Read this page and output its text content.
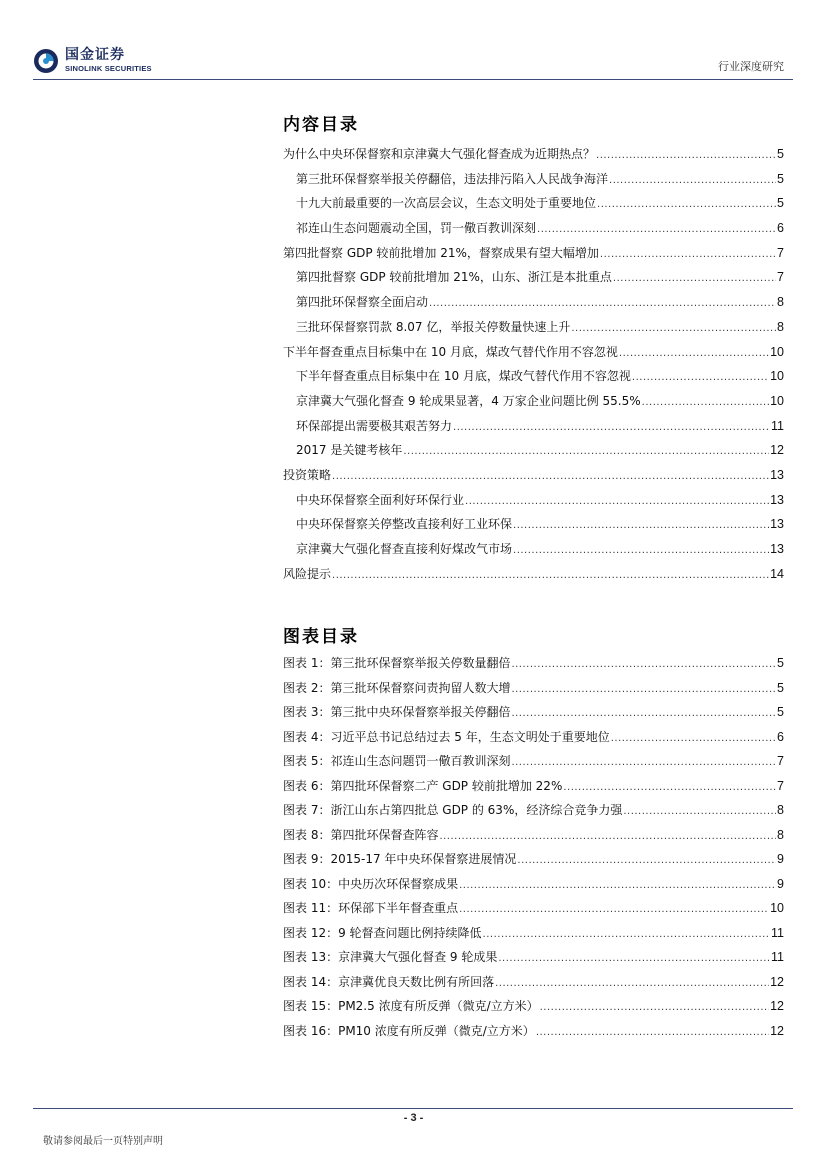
国金证券
SINOLINK SECURITIES	行业深度研究
内容目录
为什么中央环保督察和京津冀大气强化督查成为近期热点？ .....	5
第三批环保督察举报关停翻倍，违法排污陷入人民战争海洋 .....	5
十九大前最重要的一次高层会议，生态文明处于重要地位 .....	5
祁连山生态问题震动全国，罚一儆百教训深刻 .....	6
第四批督察 GDP 较前批增加 21%，督察成果有望大幅增加 .....	7
第四批督察 GDP 较前批增加 21%，山东、浙江是本批重点 .....	7
第四批环保督察全面启动 .....	8
三批环保督察罚款 8.07 亿，举报关停数量快速上升 .....	8
下半年督查重点目标集中在 10 月底，煤改气替代作用不容忽视 .....	10
下半年督查重点目标集中在 10 月底，煤改气替代作用不容忽视 .....	10
京津冀大气强化督查 9 轮成果显著，4 万家企业问题比例 55.5% .....	10
环保部提出需要极其艰苦努力 .....	11
2017 是关键考核年 .....	12
投资策略 .....	13
中央环保督察全面利好环保行业 .....	13
中央环保督察关停整改直接利好工业环保 .....	13
京津冀大气强化督查直接利好煤改气市场 .....	13
风险提示 .....	14
图表目录
图表 1：第三批环保督察举报关停数量翻倍 .....	5
图表 2：第三批环保督察问责拘留人数大增 .....	5
图表 3：第三批中央环保督察举报关停翻倍 .....	5
图表 4：习近平总书记总结过去 5 年，生态文明处于重要地位 .....	6
图表 5：祁连山生态问题罚一儆百教训深刻 .....	7
图表 6：第四批环保督察二产 GDP 较前批增加 22% .....	7
图表 7：浙江山东占第四批总 GDP 的 63%，经济综合竞争力强 .....	8
图表 8：第四批环保督查阵容 .....	8
图表 9：2015-17 年中央环保督察进展情况 .....	9
图表 10：中央历次环保督察成果 .....	9
图表 11：环保部下半年督查重点 .....	10
图表 12：9 轮督查问题比例持续降低 .....	11
图表 13：京津冀大气强化督查 9 轮成果 .....	11
图表 14：京津冀优良天数比例有所回落 .....	12
图表 15：PM2.5 浓度有所反弹（微克/立方米） .....	12
图表 16：PM10 浓度有所反弹（微克/立方米） .....	12
- 3 -
敬请参阅最后一页特别声明
